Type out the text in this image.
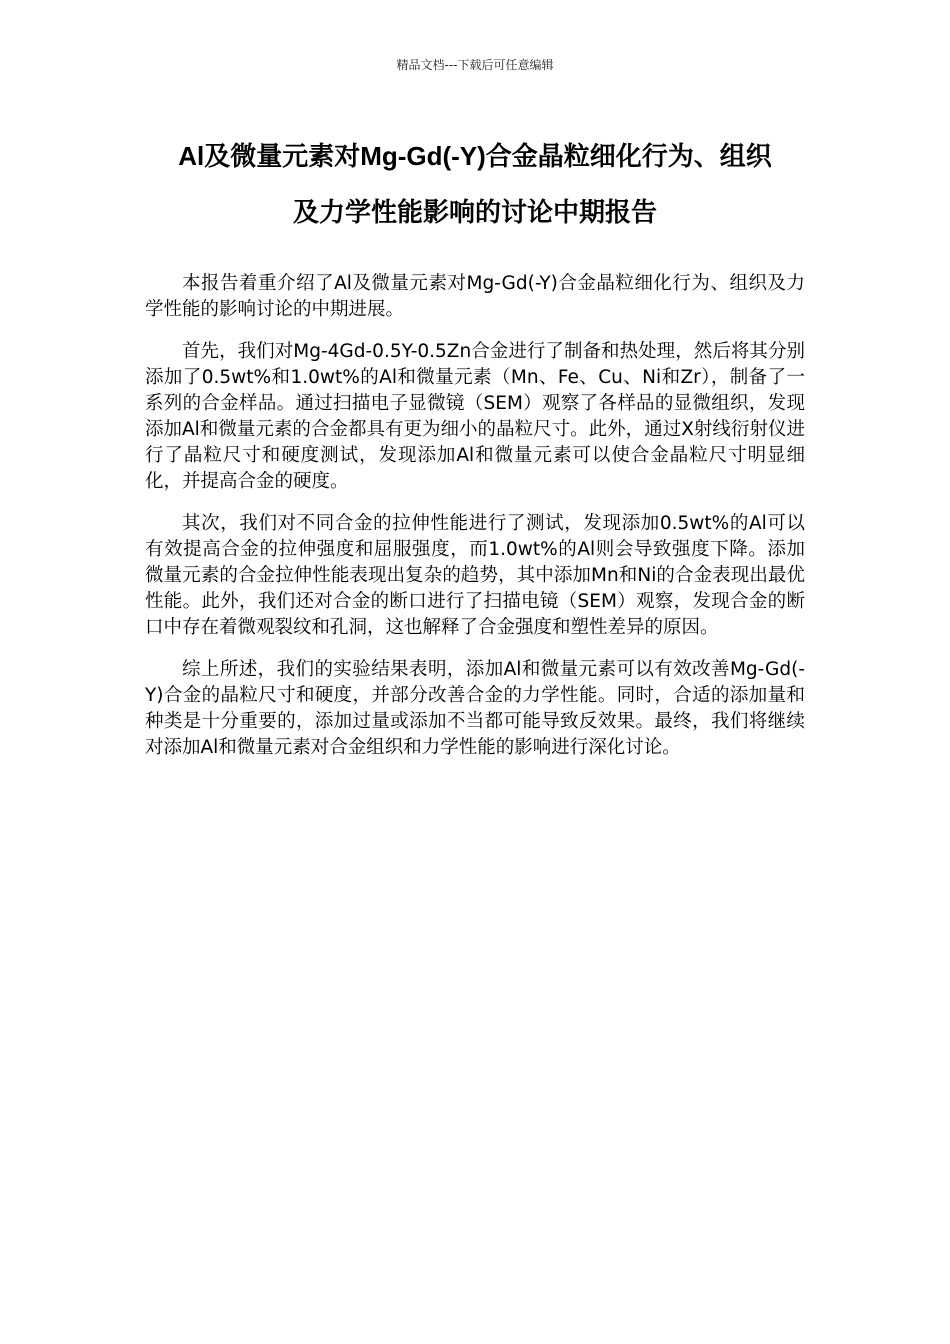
精品文档---下载后可任意编辑
Al及微量元素对Mg-Gd(-Y)合金晶粒细化行为、组织
及力学性能影响的讨论中期报告

本报告着重介绍了Al及微量元素对Mg-Gd(-Y)合金晶粒细化行为、组织及力学性能的影响讨论的中期进展。

首先，我们对Mg-4Gd-0.5Y-0.5Zn合金进行了制备和热处理，然后将其分别添加了0.5wt%和1.0wt%的Al和微量元素（Mn、Fe、Cu、Ni和Zr），制备了一系列的合金样品。通过扫描电子显微镜（SEM）观察了各样品的显微组织，发现添加Al和微量元素的合金都具有更为细小的晶粒尺寸。此外，通过X射线衍射仪进行了晶粒尺寸和硬度测试，发现添加Al和微量元素可以使合金晶粒尺寸明显细化，并提高合金的硬度。

其次，我们对不同合金的拉伸性能进行了测试，发现添加0.5wt%的Al可以有效提高合金的拉伸强度和屈服强度，而1.0wt%的Al则会导致强度下降。添加微量元素的合金拉伸性能表现出复杂的趋势，其中添加Mn和Ni的合金表现出最优性能。此外，我们还对合金的断口进行了扫描电镜（SEM）观察，发现合金的断口中存在着微观裂纹和孔洞，这也解释了合金强度和塑性差异的原因。

综上所述，我们的实验结果表明，添加Al和微量元素可以有效改善Mg-Gd(-Y)合金的晶粒尺寸和硬度，并部分改善合金的力学性能。同时，合适的添加量和种类是十分重要的，添加过量或添加不当都可能导致反效果。最终，我们将继续对添加Al和微量元素对合金组织和力学性能的影响进行深化讨论。
